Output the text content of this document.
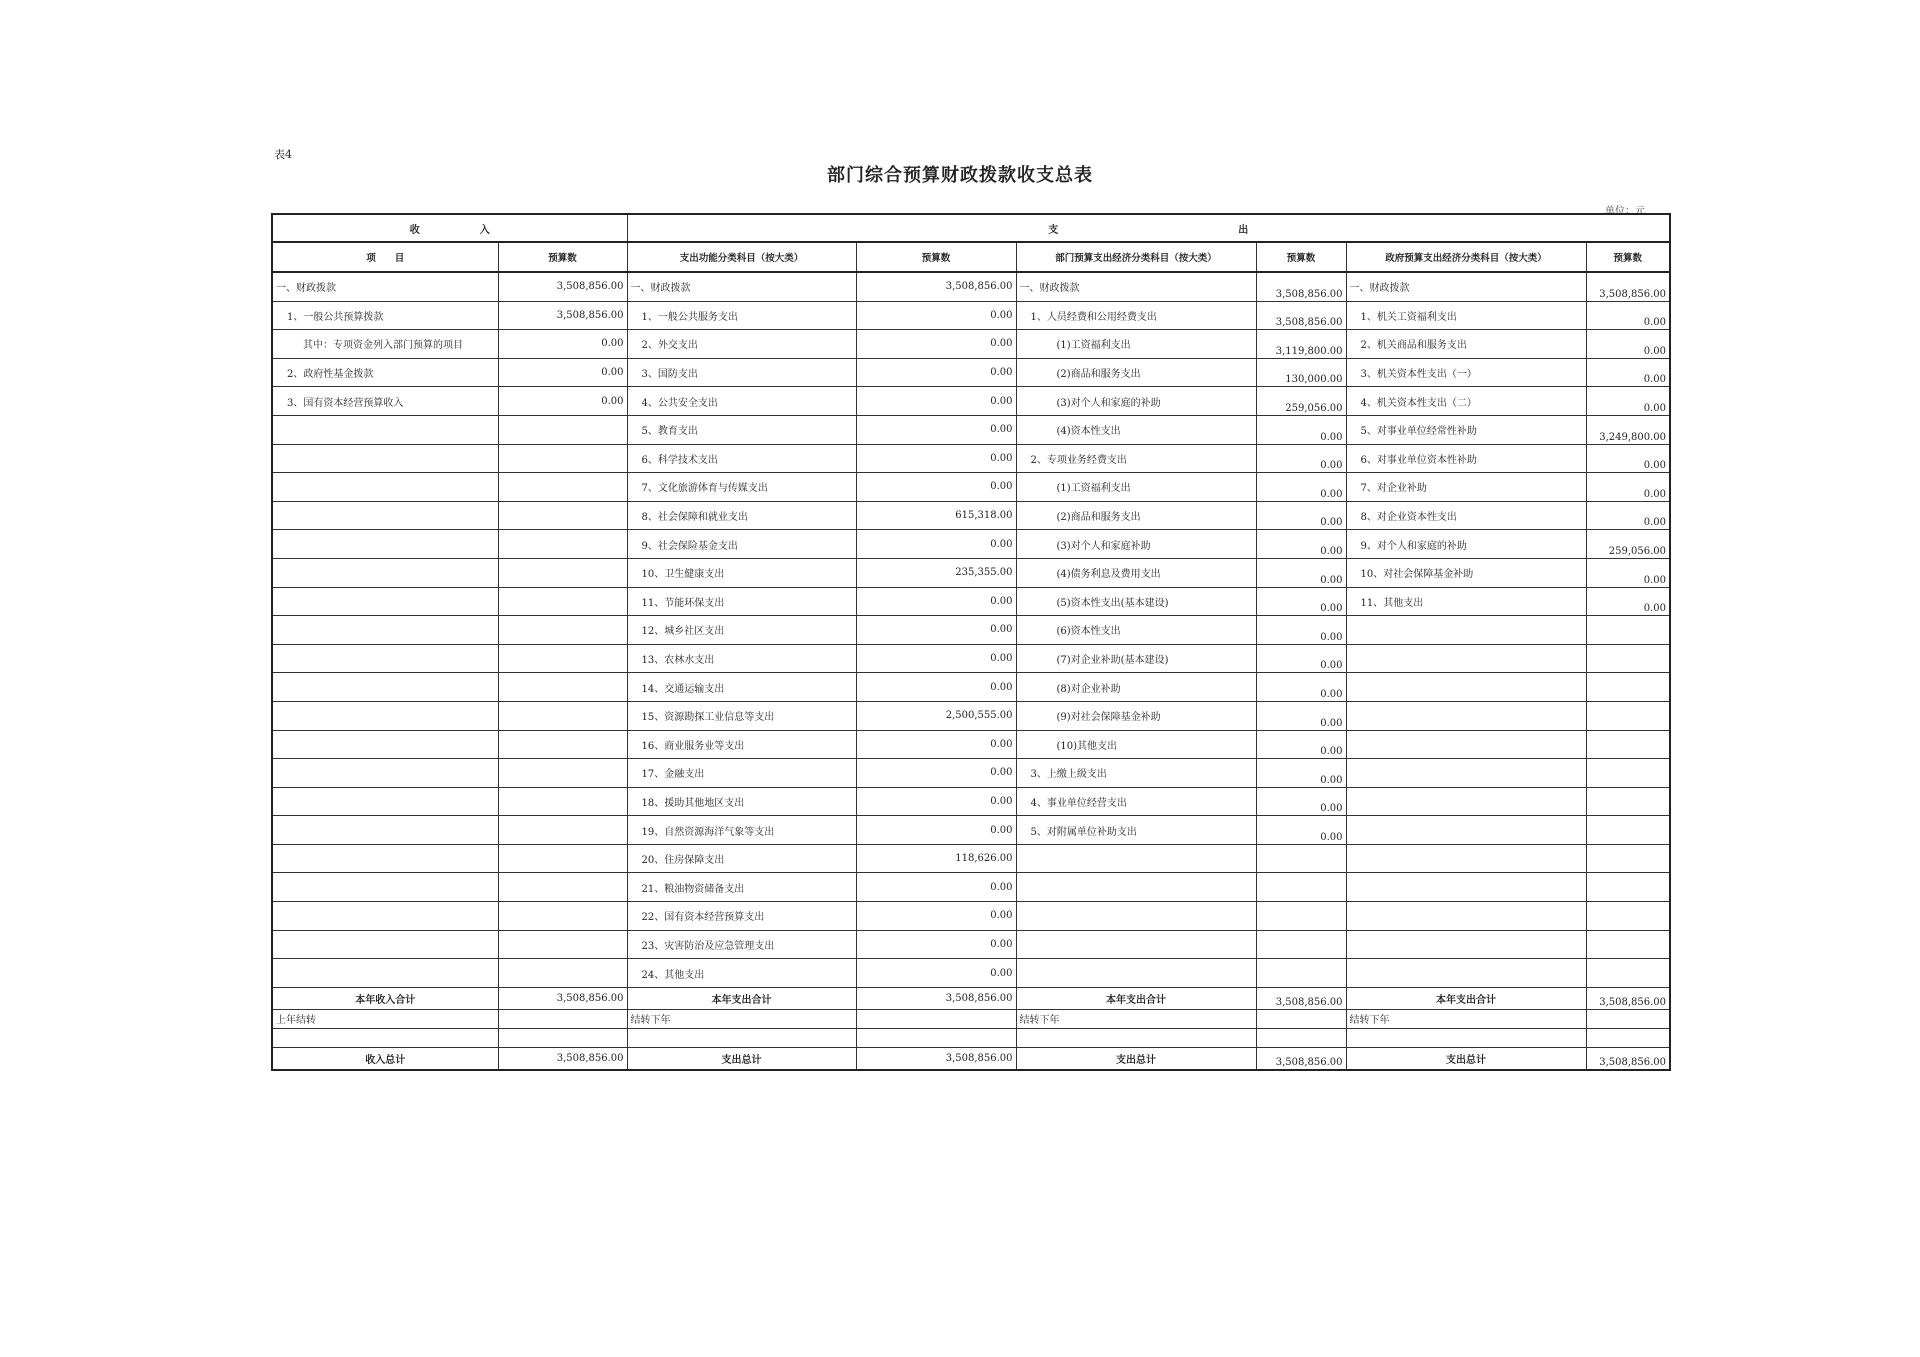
表4
部门综合预算财政拨款收支总表
单位：元
收　　　　　　入		支　　　　　　　　　　　　　　　　　　出					
项　　目	预算数	支出功能分类科目（按大类）	预算数	部门预算支出经济分类科目（按大类）	预算数	政府预算支出经济分类科目（按大类）	预算数
一、财政拨款	3,508,856.00	一、财政拨款	3,508,856.00	一、财政拨款	3,508,856.00	一、财政拨款	3,508,856.00
1、一般公共预算拨款	3,508,856.00	1、一般公共服务支出	0.00	1、人员经费和公用经费支出	3,508,856.00	1、机关工资福利支出	0.00
其中：专项资金列入部门预算的项目	0.00	2、外交支出	0.00	(1)工资福利支出	3,119,800.00	2、机关商品和服务支出	0.00
2、政府性基金拨款	0.00	3、国防支出	0.00	(2)商品和服务支出	130,000.00	3、机关资本性支出（一）	0.00
3、国有资本经营预算收入	0.00	4、公共安全支出	0.00	(3)对个人和家庭的补助	259,056.00	4、机关资本性支出（二）	0.00
		5、教育支出	0.00	(4)资本性支出	0.00	5、对事业单位经常性补助	3,249,800.00
		6、科学技术支出	0.00	2、专项业务经费支出	0.00	6、对事业单位资本性补助	0.00
		7、文化旅游体育与传媒支出	0.00	(1)工资福利支出	0.00	7、对企业补助	0.00
		8、社会保障和就业支出	615,318.00	(2)商品和服务支出	0.00	8、对企业资本性支出	0.00
		9、社会保险基金支出	0.00	(3)对个人和家庭补助	0.00	9、对个人和家庭的补助	259,056.00
		10、卫生健康支出	235,355.00	(4)债务利息及费用支出	0.00	10、对社会保障基金补助	0.00
		11、节能环保支出	0.00	(5)资本性支出(基本建设)	0.00	11、其他支出	0.00
		12、城乡社区支出	0.00	(6)资本性支出	0.00		
		13、农林水支出	0.00	(7)对企业补助(基本建设)	0.00		
		14、交通运输支出	0.00	(8)对企业补助	0.00		
		15、资源勘探工业信息等支出	2,500,555.00	(9)对社会保障基金补助	0.00		
		16、商业服务业等支出	0.00	(10)其他支出	0.00		
		17、金融支出	0.00	3、上缴上级支出	0.00		
		18、援助其他地区支出	0.00	4、事业单位经营支出	0.00		
		19、自然资源海洋气象等支出	0.00	5、对附属单位补助支出	0.00		
		20、住房保障支出	118,626.00				
		21、粮油物资储备支出	0.00				
		22、国有资本经营预算支出	0.00				
		23、灾害防治及应急管理支出	0.00				
		24、其他支出	0.00				
本年收入合计	3,508,856.00	本年支出合计	3,508,856.00	本年支出合计	3,508,856.00	本年支出合计	3,508,856.00
上年结转		结转下年		结转下年		结转下年	

收入总计	3,508,856.00	支出总计	3,508,856.00	支出总计	3,508,856.00	支出总计	3,508,856.00
